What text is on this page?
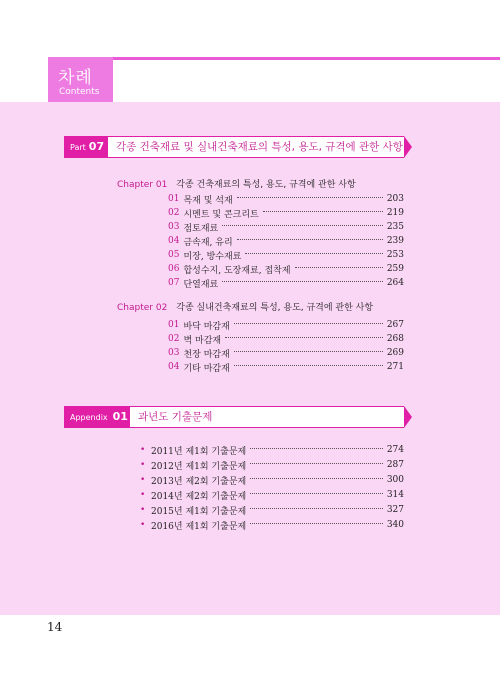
차례
Contents
Part 07	각종 건축재료 및 실내건축재료의 특성, 용도, 규격에 관한 사항
Chapter 01 각종 건축재료의 특성, 용도, 규격에 관한 사항
01 목재 및 석재	203
02 시멘트 및 콘크리트	219
03 점토재료	235
04 금속재, 유리	239
05 미장, 방수재료	253
06 합성수지, 도장재료, 접착제	259
07 단열재료	264
Chapter 02 각종 실내건축재료의 특성, 용도, 규격에 관한 사항
01 바닥 마감재	267
02 벽 마감재	268
03 천장 마감재	269
04 기타 마감재	271
Appendix 01 과년도 기출문제
• 2011년 제1회 기출문제	274
• 2012년 제1회 기출문제	287
• 2013년 제2회 기출문제	300
• 2014년 제2회 기출문제	314
• 2015년 제1회 기출문제	327
• 2016년 제1회 기출문제	340
14
